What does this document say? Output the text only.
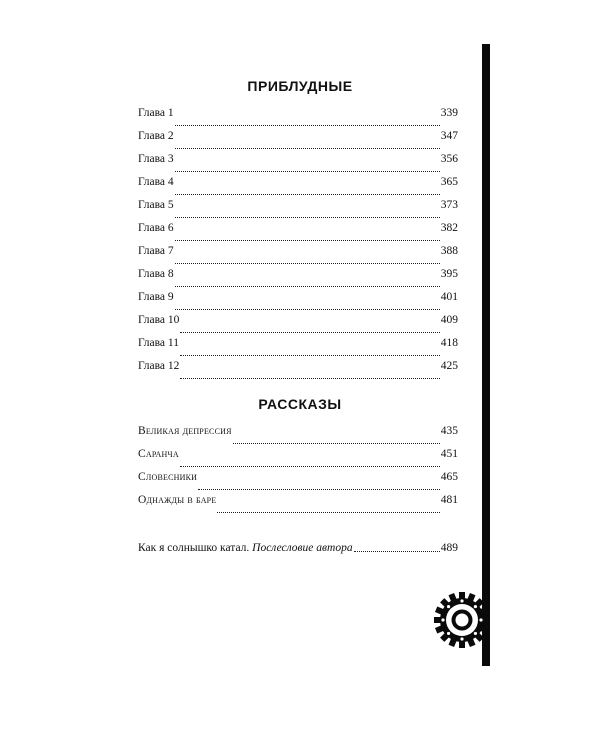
ПРИБЛУДНЫЕ
Глава 1	339
Глава 2	347
Глава 3	356
Глава 4	365
Глава 5	373
Глава 6	382
Глава 7	388
Глава 8	395
Глава 9	401
Глава 10	409
Глава 11	418
Глава 12	425
РАССКАЗЫ
Великая депрессия	435
Саранча	451
Словесники	465
Однажды в баре	481
Как я солнышко катал. Послесловие автора	489
